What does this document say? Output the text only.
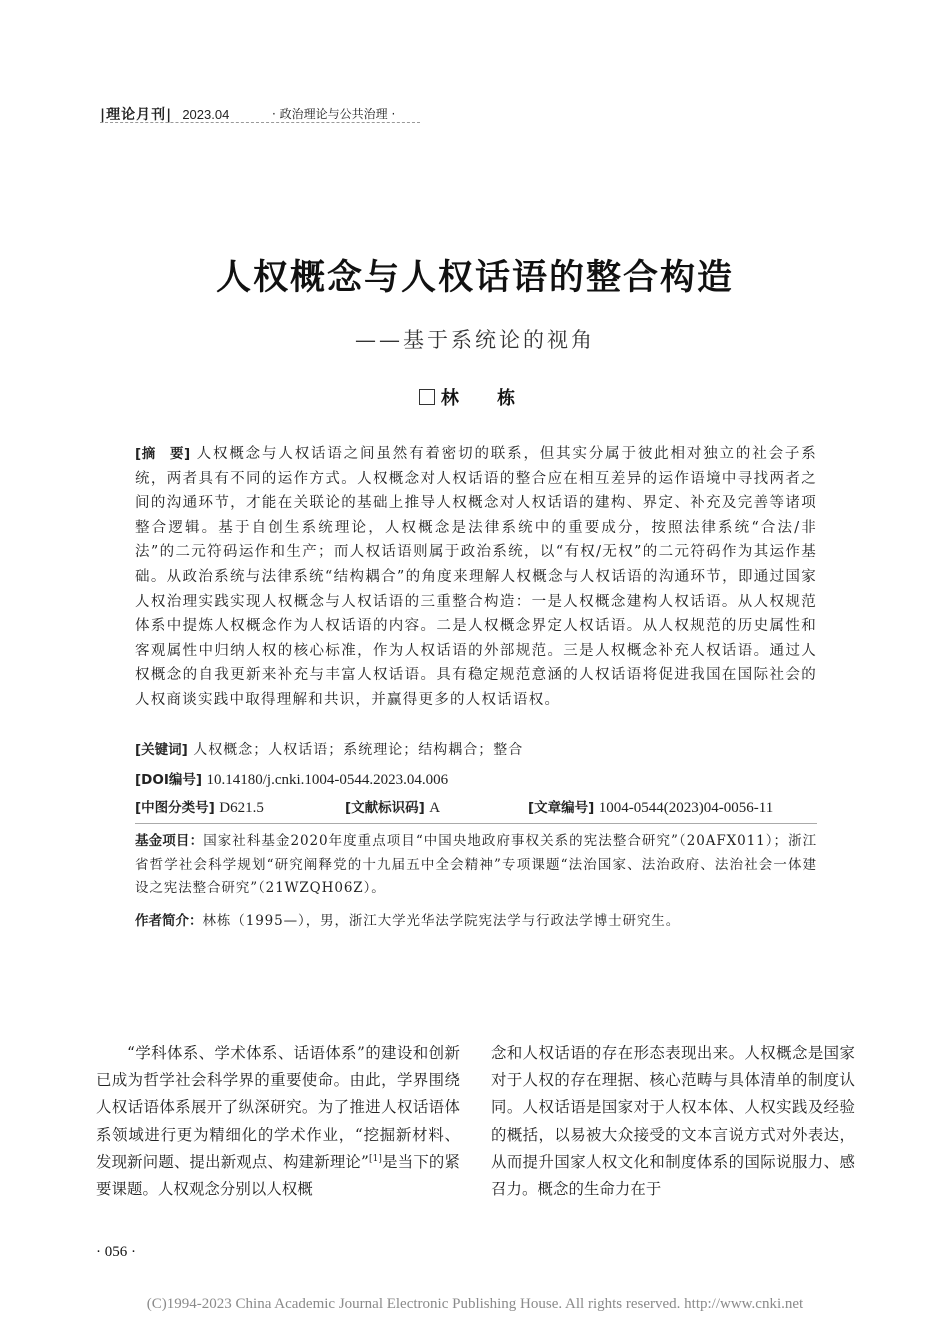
|理论月刊| 2023.04	· 政治理论与公共治理 ·
人权概念与人权话语的整合构造
——基于系统论的视角
林 栋
[摘　要] 人权概念与人权话语之间虽然有着密切的联系，但其实分属于彼此相对独立的社会子系统，两者具有不同的运作方式。人权概念对人权话语的整合应在相互差异的运作语境中寻找两者之间的沟通环节，才能在关联论的基础上推导人权概念对人权话语的建构、界定、补充及完善等诸项整合逻辑。基于自创生系统理论，人权概念是法律系统中的重要成分，按照法律系统“合法/非法”的二元符码运作和生产；而人权话语则属于政治系统，以“有权/无权”的二元符码作为其运作基础。从政治系统与法律系统“结构耦合”的角度来理解人权概念与人权话语的沟通环节，即通过国家人权治理实践实现人权概念与人权话语的三重整合构造：一是人权概念建构人权话语。从人权规范体系中提炼人权概念作为人权话语的内容。二是人权概念界定人权话语。从人权规范的历史属性和客观属性中归纳人权的核心标准，作为人权话语的外部规范。三是人权概念补充人权话语。通过人权概念的自我更新来补充与丰富人权话语。具有稳定规范意涵的人权话语将促进我国在国际社会的人权商谈实践中取得理解和共识，并赢得更多的人权话语权。
[关键词] 人权概念；人权话语；系统理论；结构耦合；整合
[DOI编号] 10.14180/j.cnki.1004-0544.2023.04.006
[中图分类号] D621.5	[文献标识码] A	[文章编号] 1004-0544(2023)04-0056-11
基金项目：国家社科基金2020年度重点项目“中国央地政府事权关系的宪法整合研究”（20AFX011）；浙江省哲学社会科学规划“研究阐释党的十九届五中全会精神”专项课题“法治国家、法治政府、法治社会一体建设之宪法整合研究”（21WZQH06Z）。
作者简介：林栋（1995—），男，浙江大学光华法学院宪法学与行政法学博士研究生。
“学科体系、学术体系、话语体系”的建设和创新已成为哲学社会科学界的重要使命。由此，学界围绕人权话语体系展开了纵深研究。为了推进人权话语体系领域进行更为精细化的学术作业，“挖掘新材料、发现新问题、提出新观点、构建新理论”[1]是当下的紧要课题。人权观念分别以人权概
念和人权话语的存在形态表现出来。人权概念是国家对于人权的存在理据、核心范畴与具体清单的制度认同。人权话语是国家对于人权本体、人权实践及经验的概括，以易被大众接受的文本言说方式对外表达，从而提升国家人权文化和制度体系的国际说服力、感召力。概念的生命力在于
· 056 ·
(C)1994-2023 China Academic Journal Electronic Publishing House. All rights reserved. http://www.cnki.net
